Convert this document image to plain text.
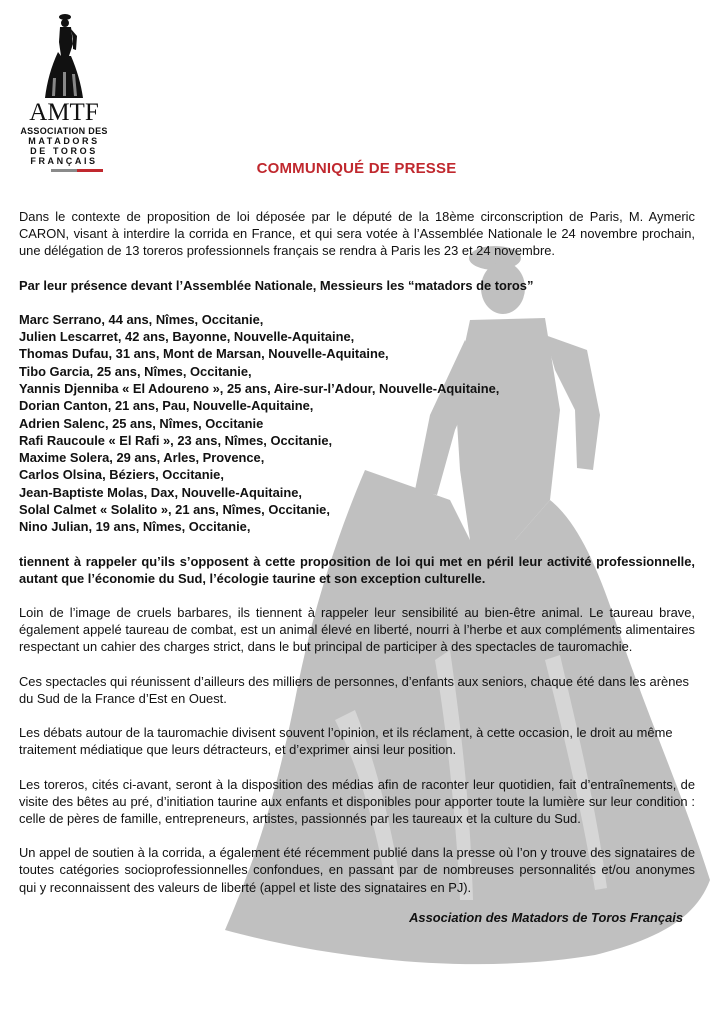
AMTF
ASSOCIATION DES
MATADORS
DE TOROS
FRANÇAIS	COMMUNIQUÉ DE PRESSE

Dans le contexte de proposition de loi déposée par le député de la 18ème circonscription de Paris, M. Aymeric CARON, visant à interdire la corrida en France, et qui sera votée à l’Assemblée Nationale le 24 novembre prochain, une délégation de 13 toreros professionnels français se rendra à Paris les 23 et 24 novembre.

Par leur présence devant l’Assemblée Nationale, Messieurs les “matadors de toros”

Marc Serrano, 44 ans, Nîmes, Occitanie,
Julien Lescarret, 42 ans, Bayonne, Nouvelle-Aquitaine,
Thomas Dufau, 31 ans, Mont de Marsan, Nouvelle-Aquitaine,
Tibo Garcia, 25 ans, Nîmes, Occitanie,
Yannis Djenniba « El Adoureno », 25 ans, Aire-sur-l’Adour, Nouvelle-Aquitaine,
Dorian Canton, 21 ans, Pau, Nouvelle-Aquitaine,
Adrien Salenc, 25 ans, Nîmes, Occitanie
Rafi Raucoule « El Rafi », 23 ans, Nîmes, Occitanie,
Maxime Solera, 29 ans, Arles, Provence,
Carlos Olsina, Béziers, Occitanie,
Jean-Baptiste Molas, Dax, Nouvelle-Aquitaine,
Solal Calmet « Solalito », 21 ans, Nîmes, Occitanie,
Nino Julian, 19 ans, Nîmes, Occitanie,

tiennent à rappeler qu’ils s’opposent à cette proposition de loi qui met en péril leur activité professionnelle, autant que l’économie du Sud, l’écologie taurine et son exception culturelle.

Loin de l’image de cruels barbares, ils tiennent à rappeler leur sensibilité au bien-être animal. Le taureau brave, également appelé taureau de combat, est un animal élevé en liberté, nourri à l’herbe et aux compléments alimentaires respectant un cahier des charges strict, dans le but principal de participer à des spectacles de tauromachie.

Ces spectacles qui réunissent d’ailleurs des milliers de personnes, d’enfants aux seniors, chaque été dans les arènes du Sud de la France d’Est en Ouest.

Les débats autour de la tauromachie divisent souvent l’opinion, et ils réclament, à cette occasion, le droit au même traitement médiatique que leurs détracteurs, et d’exprimer ainsi leur position.

Les toreros, cités ci-avant, seront à la disposition des médias afin de raconter leur quotidien, fait d’entraînements, de visite des bêtes au pré, d’initiation taurine aux enfants et disponibles pour apporter toute la lumière sur leur condition : celle de pères de famille, entrepreneurs, artistes, passionnés par les taureaux et la culture du Sud.

Un appel de soutien à la corrida, a également été récemment publié dans la presse où l’on y trouve des signataires de toutes catégories socioprofessionnelles confondues, en passant par de nombreuses personnalités et/ou anonymes qui y reconnaissent des valeurs de liberté (appel et liste des signataires en PJ).

Association des Matadors de Toros Français
